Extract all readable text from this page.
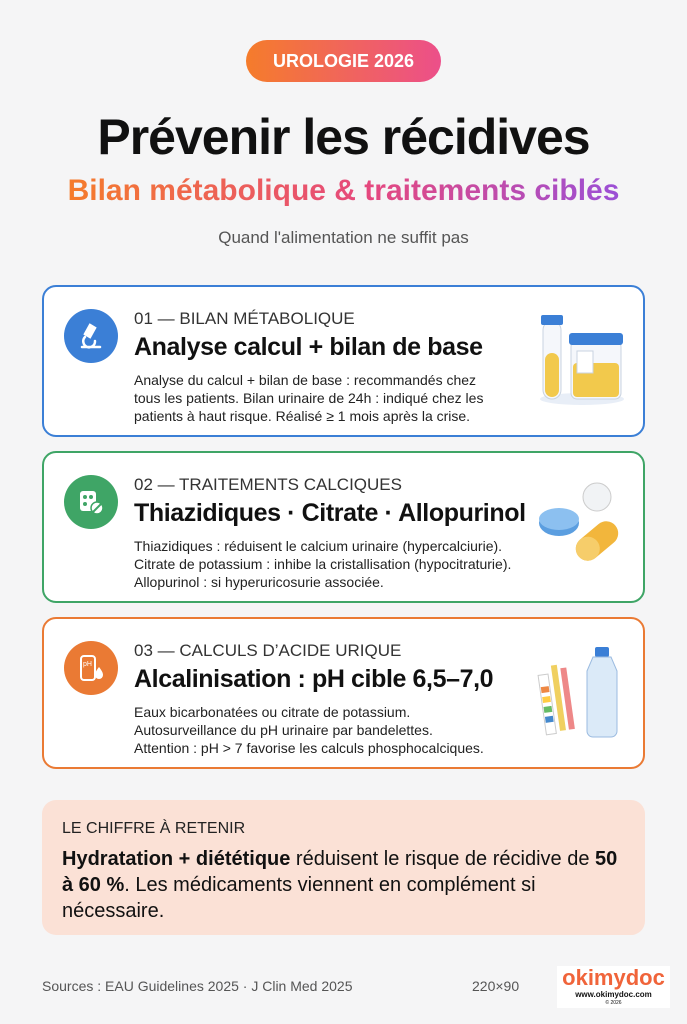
UROLOGIE 2026
Prévenir les récidives
Bilan métabolique & traitements ciblés
Quand l'alimentation ne suffit pas
01 — BILAN MÉTABOLIQUE
Analyse calcul + bilan de base
Analyse du calcul + bilan de base : recommandés chez
tous les patients. Bilan urinaire de 24h : indiqué chez les
patients à haut risque. Réalisé ≥ 1 mois après la crise.
02 — TRAITEMENTS CALCIQUES
Thiazidiques · Citrate · Allopurinol
Thiazidiques : réduisent le calcium urinaire (hypercalciurie).
Citrate de potassium : inhibe la cristallisation (hypocitraturie).
Allopurinol : si hyperuricosurie associée.
pH
03 — CALCULS D’ACIDE URIQUE
Alcalinisation : pH cible 6,5–7,0
Eaux bicarbonatées ou citrate de potassium.
Autosurveillance du pH urinaire par bandelettes.
Attention : pH > 7 favorise les calculs phosphocalciques.
LE CHIFFRE À RETENIR
Hydratation + diététique réduisent le risque de récidive de 50 à 60 %. Les médicaments viennent en complément si nécessaire.
Sources : EAU Guidelines 2025 · J Clin Med 2025	220×90 okimydoc
www.okimydoc.com
© 2026
